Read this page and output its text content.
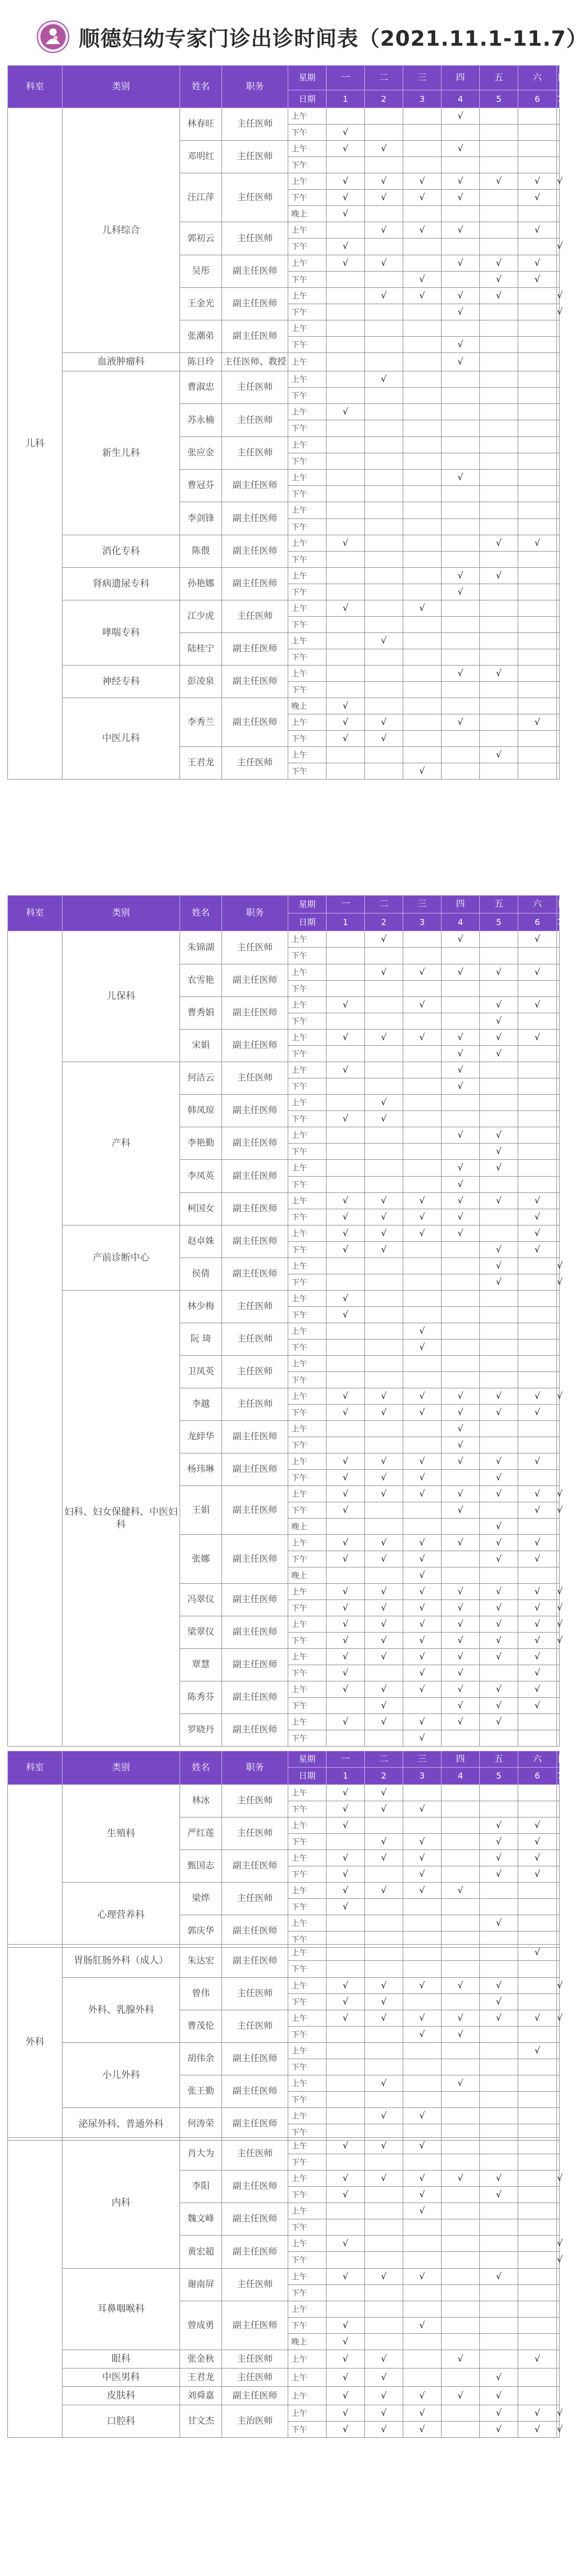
顺德妇幼专家门诊出诊时间表（2021.11.1-11.7）
科室	类别	姓名	职务	星期	一	二	三	四	五	六	日
				日期	1	2	3	4	5	6	7
儿科	儿科综合	林春旺	主任医师	上午				√			
				下午	√						
		邓明红	主任医师	上午	√	√		√			
				下午							
		汪江萍	主任医师	上午	√	√	√	√	√	√	√
				下午	√	√	√	√		√	
				晚上	√						
		郭初云	主任医师	上午		√	√	√		√	
				下午	√						√
		吴彤	副主任医师	上午	√	√		√	√	√	
				下午			√		√	√	
		王金光	副主任医师	上午		√	√	√	√		√
				下午				√			√
		张潮弟	副主任医师	上午							
				下午				√			
	血液肿瘤科	陈日玲	主任医师、教授	上午				√			
	新生儿科	曹淑忠	主任医师	上午		√					
				下午							
		苏永楠	主任医师	上午	√						
				下午							
		张应金	主任医师	上午							
				下午							
		曹冠芬	副主任医师	上午				√			
				下午							
		李剑锋	副主任医师	上午							
				下午							
	消化专科	陈偎	副主任医师	上午	√				√	√	
				下午							
	肾病遗尿专科	孙艳娜	副主任医师	上午				√	√		
				下午				√			
	哮喘专科	江少虎	主任医师	上午	√		√				
				下午							
		陆桂宁	副主任医师	上午		√					
				下午							
	神经专科	彭凌泉	副主任医师	上午				√	√		
				下午							
	中医儿科	李秀兰	副主任医师	晚上	√						
				上午	√	√		√		√	
				下午	√	√					
		王君龙	主任医师	上午					√		
				下午			√				
科室	类别	姓名	职务	星期	一	二	三	四	五	六	日
				日期	1	2	3	4	5	6	7
	儿保科	朱锦湖	主任医师	上午		√		√		√	
				下午							
		农雪艳	副主任医师	上午		√	√	√	√	√	
				下午							
		曹秀娟	副主任医师	上午	√		√		√	√	
				下午					√		
		宋娟	副主任医师	上午	√	√	√	√	√	√	
				下午				√	√		
	产科	何洁云	主任医师	上午	√			√			
				下午				√			
		韩凤琼	副主任医师	上午		√					
				下午	√	√					
		李艳勤	副主任医师	上午				√	√		
				下午					√		
		李凤英	副主任医师	上午				√	√		
				下午				√			
		柯国女	副主任医师	上午	√	√	√	√	√	√	
				下午	√	√	√	√		√	
	产前诊断中心	赵卓姝	副主任医师	上午	√	√	√	√		√	
				下午	√	√			√	√	
		侯倩	副主任医师	上午					√		√
				下午					√		√
	妇科、妇女保健科、中医妇科	林少梅	主任医师	上午	√						
				下午	√						
		阮 琦	主任医师	上午			√				
				下午			√				
		卫凤英	主任医师	上午							
				下午							
		李越	主任医师	上午	√	√	√	√	√	√	√
				下午	√	√	√	√	√	√	
		龙綍华	副主任医师	上午				√			
				下午				√			
		杨玮琳	副主任医师	上午	√	√	√	√	√	√	
				下午	√	√	√		√		
		王娟	副主任医师	上午	√	√	√	√	√	√	√
				下午	√			√		√	√
				晚上					√		
		张娜	副主任医师	上午	√	√	√	√	√	√	
				下午	√	√	√		√	√	
				晚上			√				
		冯翠仪	副主任医师	上午	√	√	√	√	√	√	√
				下午	√	√	√	√	√	√	√
		梁翠仪	副主任医师	上午	√	√	√	√	√	√	√
				下午	√	√	√	√	√	√	√
		覃慧	副主任医师	上午	√	√	√	√	√	√	
				下午	√		√	√		√	
		陈秀芬	副主任医师	上午	√	√	√	√	√	√	
				下午		√		√	√	√	
		罗晓丹	副主任医师	上午	√	√	√	√	√		
				下午			√				
科室	类别	姓名	职务	星期	一	二	三	四	五	六	日
				日期	1	2	3	4	5	6	7
	生殖科	林冰	主任医师	上午	√	√					
				下午	√	√	√				
		严红莲	主任医师	上午	√				√	√	
				下午		√	√		√	√	
		甄国志	副主任医师	上午	√	√	√		√	√	
				下午	√		√		√	√	
	心理营养科	梁烨	主任医师	上午	√	√	√	√			
				下午	√						
		郭庆华	副主任医师	上午					√		
				下午							
外科	胃肠肛肠外科（成人）	朱达宏	副主任医师	上午						√	
				下午							
	外科、乳腺外科	曾伟	主任医师	上午	√	√	√	√	√		√
				下午	√	√			√		
		曹茂伦	主任医师	上午	√	√	√	√	√	√	√
				下午			√	√			
	小儿外科	胡伟余	副主任医师	上午						√	
				下午							
		张王勤	副主任医师	上午		√		√			
				下午							
	泌尿外科、普通外科	何涛荣	副主任医师	上午		√	√				
				下午							
	内科	肖大为	主任医师	上午	√	√	√				
				下午							
		李阳	副主任医师	上午	√	√	√	√	√		√
				下午	√		√		√		
		魏文峰	副主任医师	上午			√				
				下午							
		黄宏超	副主任医师	上午	√						√
				下午							√
	耳鼻咽喉科	谢南屏	主任医师	上午	√	√	√		√		
				下午							
		曾成勇	副主任医师	上午							
				下午	√		√				
				晚上	√						
	眼科	张金秋	主任医师	上午	√	√		√		√	
	中医男科	王君龙	主任医师	上午	√	√			√		
	皮肤科	刘舜嘉	副主任医师	上午	√	√	√	√	√		
	口腔科	甘文杰	主治医师	上午	√	√	√		√	√	√
				下午	√	√	√		√	√	√
